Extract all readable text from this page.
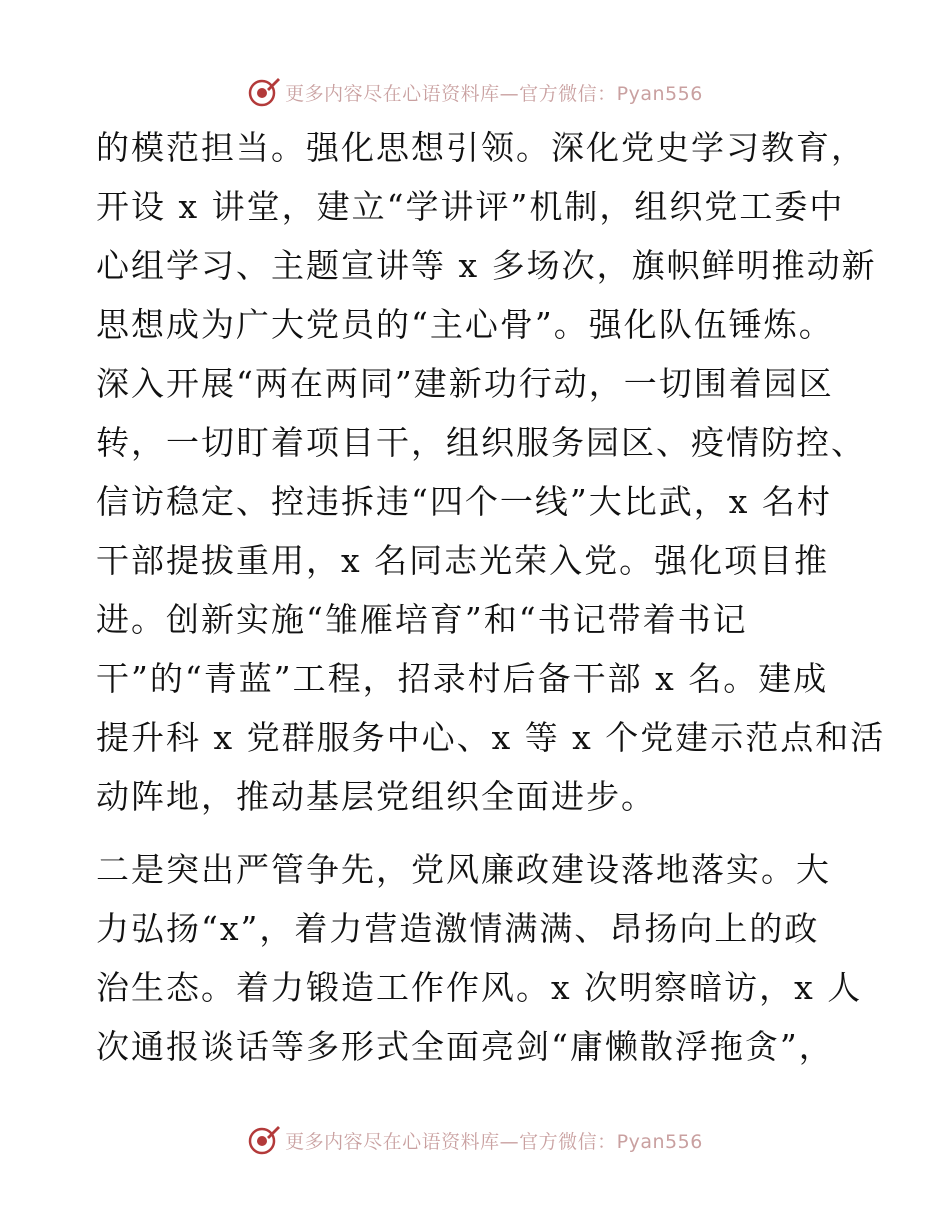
更多内容尽在心语资料库—官方微信：Pyan556
的模范担当。强化思想引领。深化党史学习教育，
开设 x 讲堂，建立“学讲评”机制，组织党工委中
心组学习、主题宣讲等 x 多场次，旗帜鲜明推动新
思想成为广大党员的“主心骨”。强化队伍锤炼。
深入开展“两在两同”建新功行动，一切围着园区
转，一切盯着项目干，组织服务园区、疫情防控、
信访稳定、控违拆违“四个一线”大比武，x 名村
干部提拔重用，x 名同志光荣入党。强化项目推
进。创新实施“雏雁培育”和“书记带着书记
干”的“青蓝”工程，招录村后备干部 x 名。建成
提升科 x 党群服务中心、x 等 x 个党建示范点和活
动阵地，推动基层党组织全面进步。
二是突出严管争先，党风廉政建设落地落实。大
力弘扬“x”，着力营造激情满满、昂扬向上的政
治生态。着力锻造工作作风。x 次明察暗访，x 人
次通报谈话等多形式全面亮剑“庸懒散浮拖贪”，
更多内容尽在心语资料库—官方微信：Pyan556
